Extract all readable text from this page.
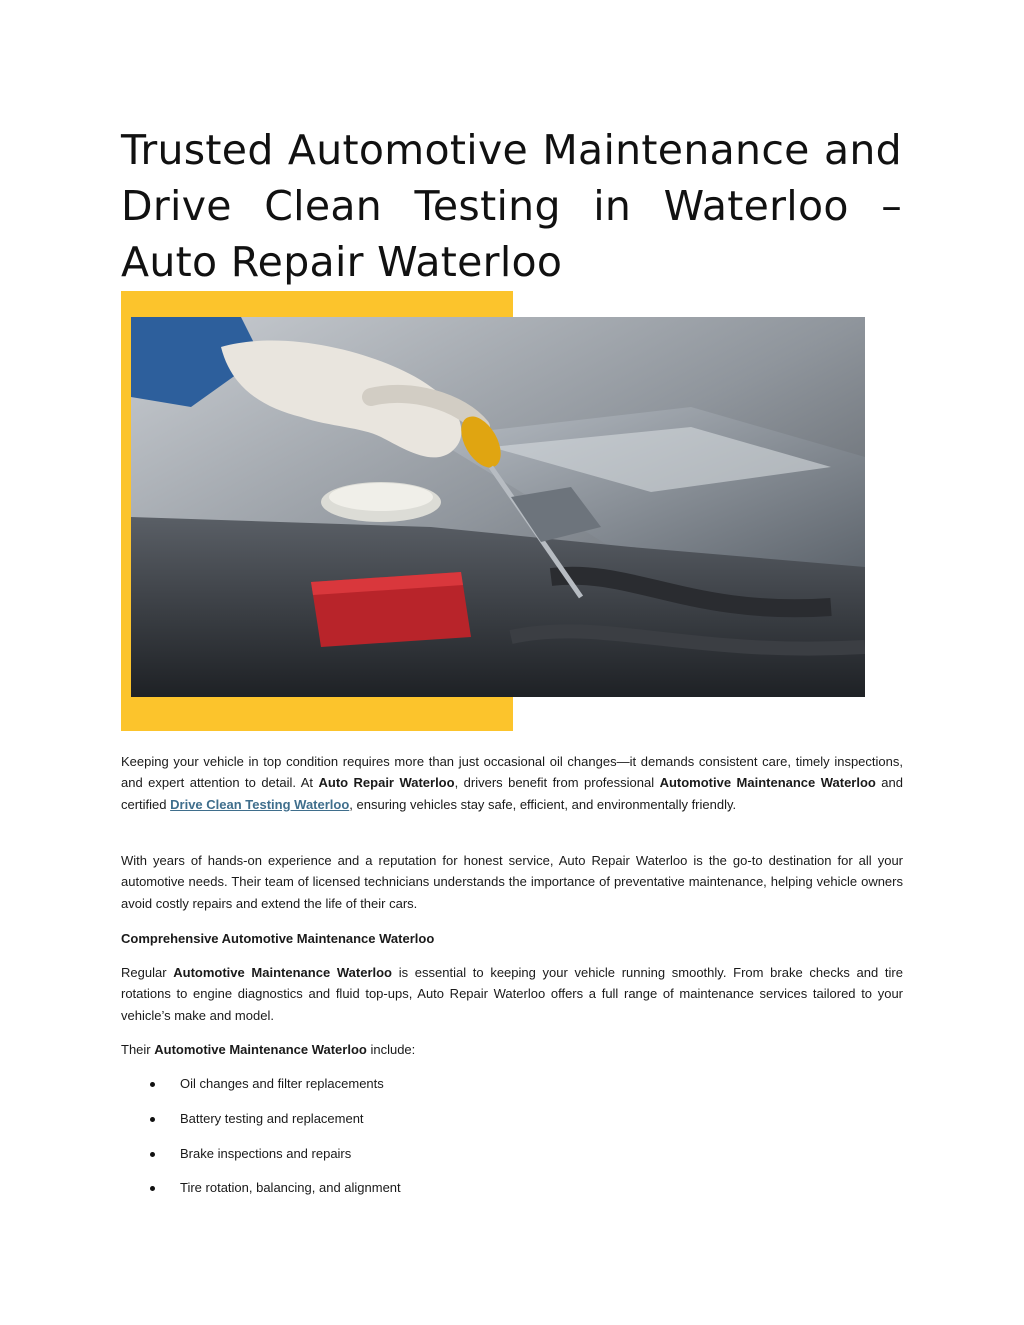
Trusted Automotive Maintenance and Drive Clean Testing in Waterloo – Auto Repair Waterloo

Keeping your vehicle in top condition requires more than just occasional oil changes—it demands consistent care, timely inspections, and expert attention to detail. At Auto Repair Waterloo, drivers benefit from professional Automotive Maintenance Waterloo and certified Drive Clean Testing Waterloo, ensuring vehicles stay safe, efficient, and environmentally friendly.

With years of hands-on experience and a reputation for honest service, Auto Repair Waterloo is the go-to destination for all your automotive needs. Their team of licensed technicians understands the importance of preventative maintenance, helping vehicle owners avoid costly repairs and extend the life of their cars.

Comprehensive Automotive Maintenance Waterloo

Regular Automotive Maintenance Waterloo is essential to keeping your vehicle running smoothly. From brake checks and tire rotations to engine diagnostics and fluid top-ups, Auto Repair Waterloo offers a full range of maintenance services tailored to your vehicle’s make and model.

Their Automotive Maintenance Waterloo include:

Oil changes and filter replacements
Battery testing and replacement
Brake inspections and repairs
Tire rotation, balancing, and alignment
